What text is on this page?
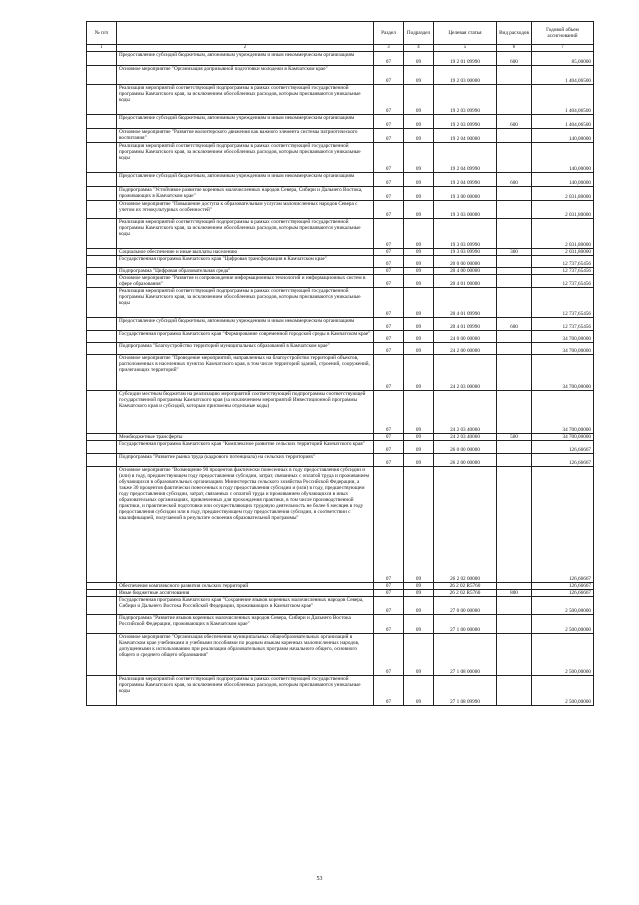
№ п/п		Раздел	Подраздел	Целевая статья	Вид расходов	Годовой объем ассигнований
1	2	3	4	5	6	7
	Предоставление субсидий бюджетным, автономным учреждениям и иным некоммерческим организациям	07	09	19 2 01 09990	600	85,00000
	Основное мероприятие "Организация допризывной подготовки молодежи в Камчатском крае"	07	09	19 2 03 00000		1 404,06500
	Реализация мероприятий соответствующей подпрограммы в рамках соответствующей государственной программы Камчатского края, за исключением обособленных расходов, которым присваиваются уникальные коды	07	09	19 2 03 09990		1 404,06500
	Предоставление субсидий бюджетным, автономным учреждениям и иным некоммерческим организациям	07	09	19 2 03 09990	600	1 404,06500
	Основное мероприятие "Развитие волонтерского движения как важного элемента системы патриотического воспитания"	07	09	19 2 04 00000		140,00000
	Реализация мероприятий соответствующей подпрограммы в рамках соответствующей государственной программы Камчатского края, за исключением обособленных расходов, которым присваиваются уникальные коды	07	09	19 2 04 09990		140,00000
	Предоставление субсидий бюджетным, автономным учреждениям и иным некоммерческим организациям	07	09	19 2 04 09990	600	140,00000
	Подпрограмма "Устойчивое развитие коренных малочисленных народов Севера, Сибири и Дальнего Востока, проживающих в Камчатском крае"	07	09	19 3 00 00000		2 031,80000
	Основное мероприятие "Повышение доступа к образовательным услугам малочисленных народов Севера с учетом их этнокультурных особенностей"	07	09	19 3 03 00000		2 031,80000
	Реализация мероприятий соответствующей подпрограммы в рамках соответствующей государственной программы Камчатского края, за исключением обособленных расходов, которым присваиваются уникальные коды	07	09	19 3 03 09990		2 031,80000
	Социальное обеспечение и иные выплаты населению	07	09	19 3 03 09990	300	2 031,80000
	Государственная программа Камчатского края "Цифровая трансформация в Камчатском крае"	07	09	20 0 00 00000		12 737,65456
	Подпрограмма "Цифровая образовательная среда"	07	09	20 4 00 00000		12 737,65456
	Основное мероприятие "Развитие и сопровождение информационных технологий и информационных систем в сфере образования"	07	09	20 4 01 00000		12 737,65456
	Реализация мероприятий соответствующей подпрограммы в рамках соответствующей государственной программы Камчатского края, за исключением обособленных расходов, которым присваиваются уникальные коды	07	09	20 4 01 09990		12 737,65456
	Предоставление субсидий бюджетным, автономным учреждениям и иным некоммерческим организациям	07	09	20 4 01 09990	600	12 737,65456
	Государственная программа Камчатского края "Формирование современной городской среды в Камчатском крае"	07	09	24 0 00 00000		34 700,00000
	Подпрограмма "Благоустройство территорий муниципальных образований в Камчатском крае"	07	09	24 2 00 00000		34 700,00000
	Основное мероприятие "Проведение мероприятий, направленных на благоустройство территорий объектов, расположенных в населенных пунктах Камчатского края, в том числе территорий зданий, строений, сооружений, прилегающих территорий"	07	09	24 2 03 00000		34 700,00000
	Субсидии местным бюджетам на реализацию мероприятий соответствующей подпрограммы соответствующей государственной программы Камчатского края (за исключением мероприятий Инвестиционной программы Камчатского края и субсидий, которым присвоены отдельные коды)	07	09	24 2 03 40060		34 700,00000
	Межбюджетные трансферты	07	09	24 2 03 40060	500	34 700,00000
	Государственная программа Камчатского края "Комплексное развитие сельских территорий Камчатского края"	07	09	26 0 00 00000		126,66667
	Подпрограмма "Развитие рынка труда (кадрового потенциала) на сельских территориях"	07	09	26 2 00 00000		126,66667
	Основное мероприятие "Возмещение 90 процентов фактически понесенных в году предоставления субсидии и (или) в году, предшествующем году предоставления субсидии, затрат, связанных с оплатой труда и проживанием обучающихся в образовательных организациях Министерства сельского хозяйства Российской Федерации, а также 30 процентов фактически понесенных в году предоставления субсидии и (или) в году, предшествующем году предоставления субсидии, затрат, связанных с оплатой труда и проживанием обучающихся в иных образовательных организациях, привлеченных для прохождения практики, в том числе производственной практики, и практической подготовки или осуществляющих трудовую деятельность не более 6 месяцев в году предоставления субсидии или в году, предшествующем году предоставления субсидии, в соответствии с квалификацией, получаемой в результате освоения образовательной программы"	07	09	26 2 02 00000		126,66667
	Обеспечение комплексного развития сельских территорий	07	09	26 2 02 R5760		126,66667
	Иные бюджетные ассигнования	07	09	26 2 02 R5760	800	126,66667
	Государственная программа Камчатского края "Сохранение языков коренных малочисленных народов Севера, Сибири и Дальнего Востока Российской Федерации, проживающих в Камчатском крае"	07	09	27 0 00 00000		2 500,00000
	Подпрограмма "Развитие языков коренных малочисленных народов Севера, Сибири и Дальнего Востока Российской Федерации, проживающих в Камчатском крае"	07	09	27 1 00 00000		2 500,00000
	Основное мероприятие "Организация обеспечения муниципальных общеобразовательных организаций в Камчатском крае учебниками и учебными пособиями по родным языкам коренных малочисленных народов, допущенными к использованию при реализации образовательных программ начального общего, основного общего и среднего общего образования"	07	09	27 1 08 00000		2 500,00000
	Реализация мероприятий соответствующей подпрограммы в рамках соответствующей государственной программы Камчатского края, за исключением обособленных расходов, которым присваиваются уникальные коды	07	09	27 1 08 09990		2 500,00000
53
